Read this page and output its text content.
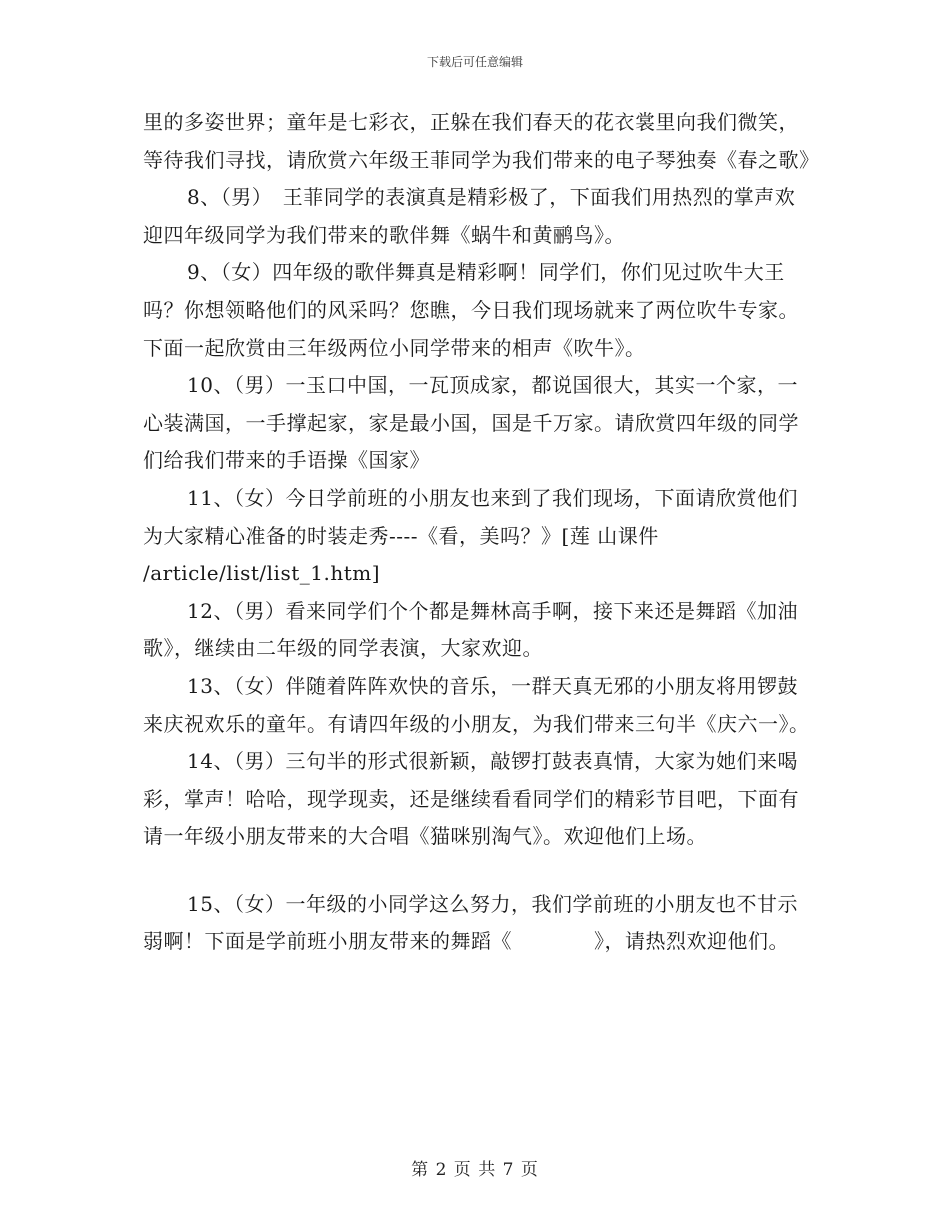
下载后可任意编辑

里的多姿世界；童年是七彩衣，正躲在我们春天的花衣裳里向我们微笑，等待我们寻找，请欣赏六年级王菲同学为我们带来的电子琴独奏《春之歌》

8、（男）　王菲同学的表演真是精彩极了，下面我们用热烈的掌声欢迎四年级同学为我们带来的歌伴舞《蜗牛和黄鹂鸟》。

9、（女）四年级的歌伴舞真是精彩啊！同学们，你们见过吹牛大王吗？你想领略他们的风采吗？您瞧，今日我们现场就来了两位吹牛专家。下面一起欣赏由三年级两位小同学带来的相声《吹牛》。

10、（男）一玉口中国，一瓦顶成家，都说国很大，其实一个家，一心装满国，一手撑起家，家是最小国，国是千万家。请欣赏四年级的同学们给我们带来的手语操《国家》

11、（女）今日学前班的小朋友也来到了我们现场，下面请欣赏他们为大家精心准备的时装走秀----《看，美吗？》[莲 山课件 /article/list/list_1.htm]

12、（男）看来同学们个个都是舞林高手啊，接下来还是舞蹈《加油歌》，继续由二年级的同学表演，大家欢迎。

13、（女）伴随着阵阵欢快的音乐，一群天真无邪的小朋友将用锣鼓来庆祝欢乐的童年。有请四年级的小朋友，为我们带来三句半《庆六一》。

14、（男）三句半的形式很新颖，敲锣打鼓表真情，大家为她们来喝彩，掌声！哈哈，现学现卖，还是继续看看同学们的精彩节目吧，下面有请一年级小朋友带来的大合唱《猫咪别淘气》。欢迎他们上场。

15、（女）一年级的小同学这么努力，我们学前班的小朋友也不甘示弱啊！下面是学前班小朋友带来的舞蹈《　　　　》，请热烈欢迎他们。

第 2 页 共 7 页
